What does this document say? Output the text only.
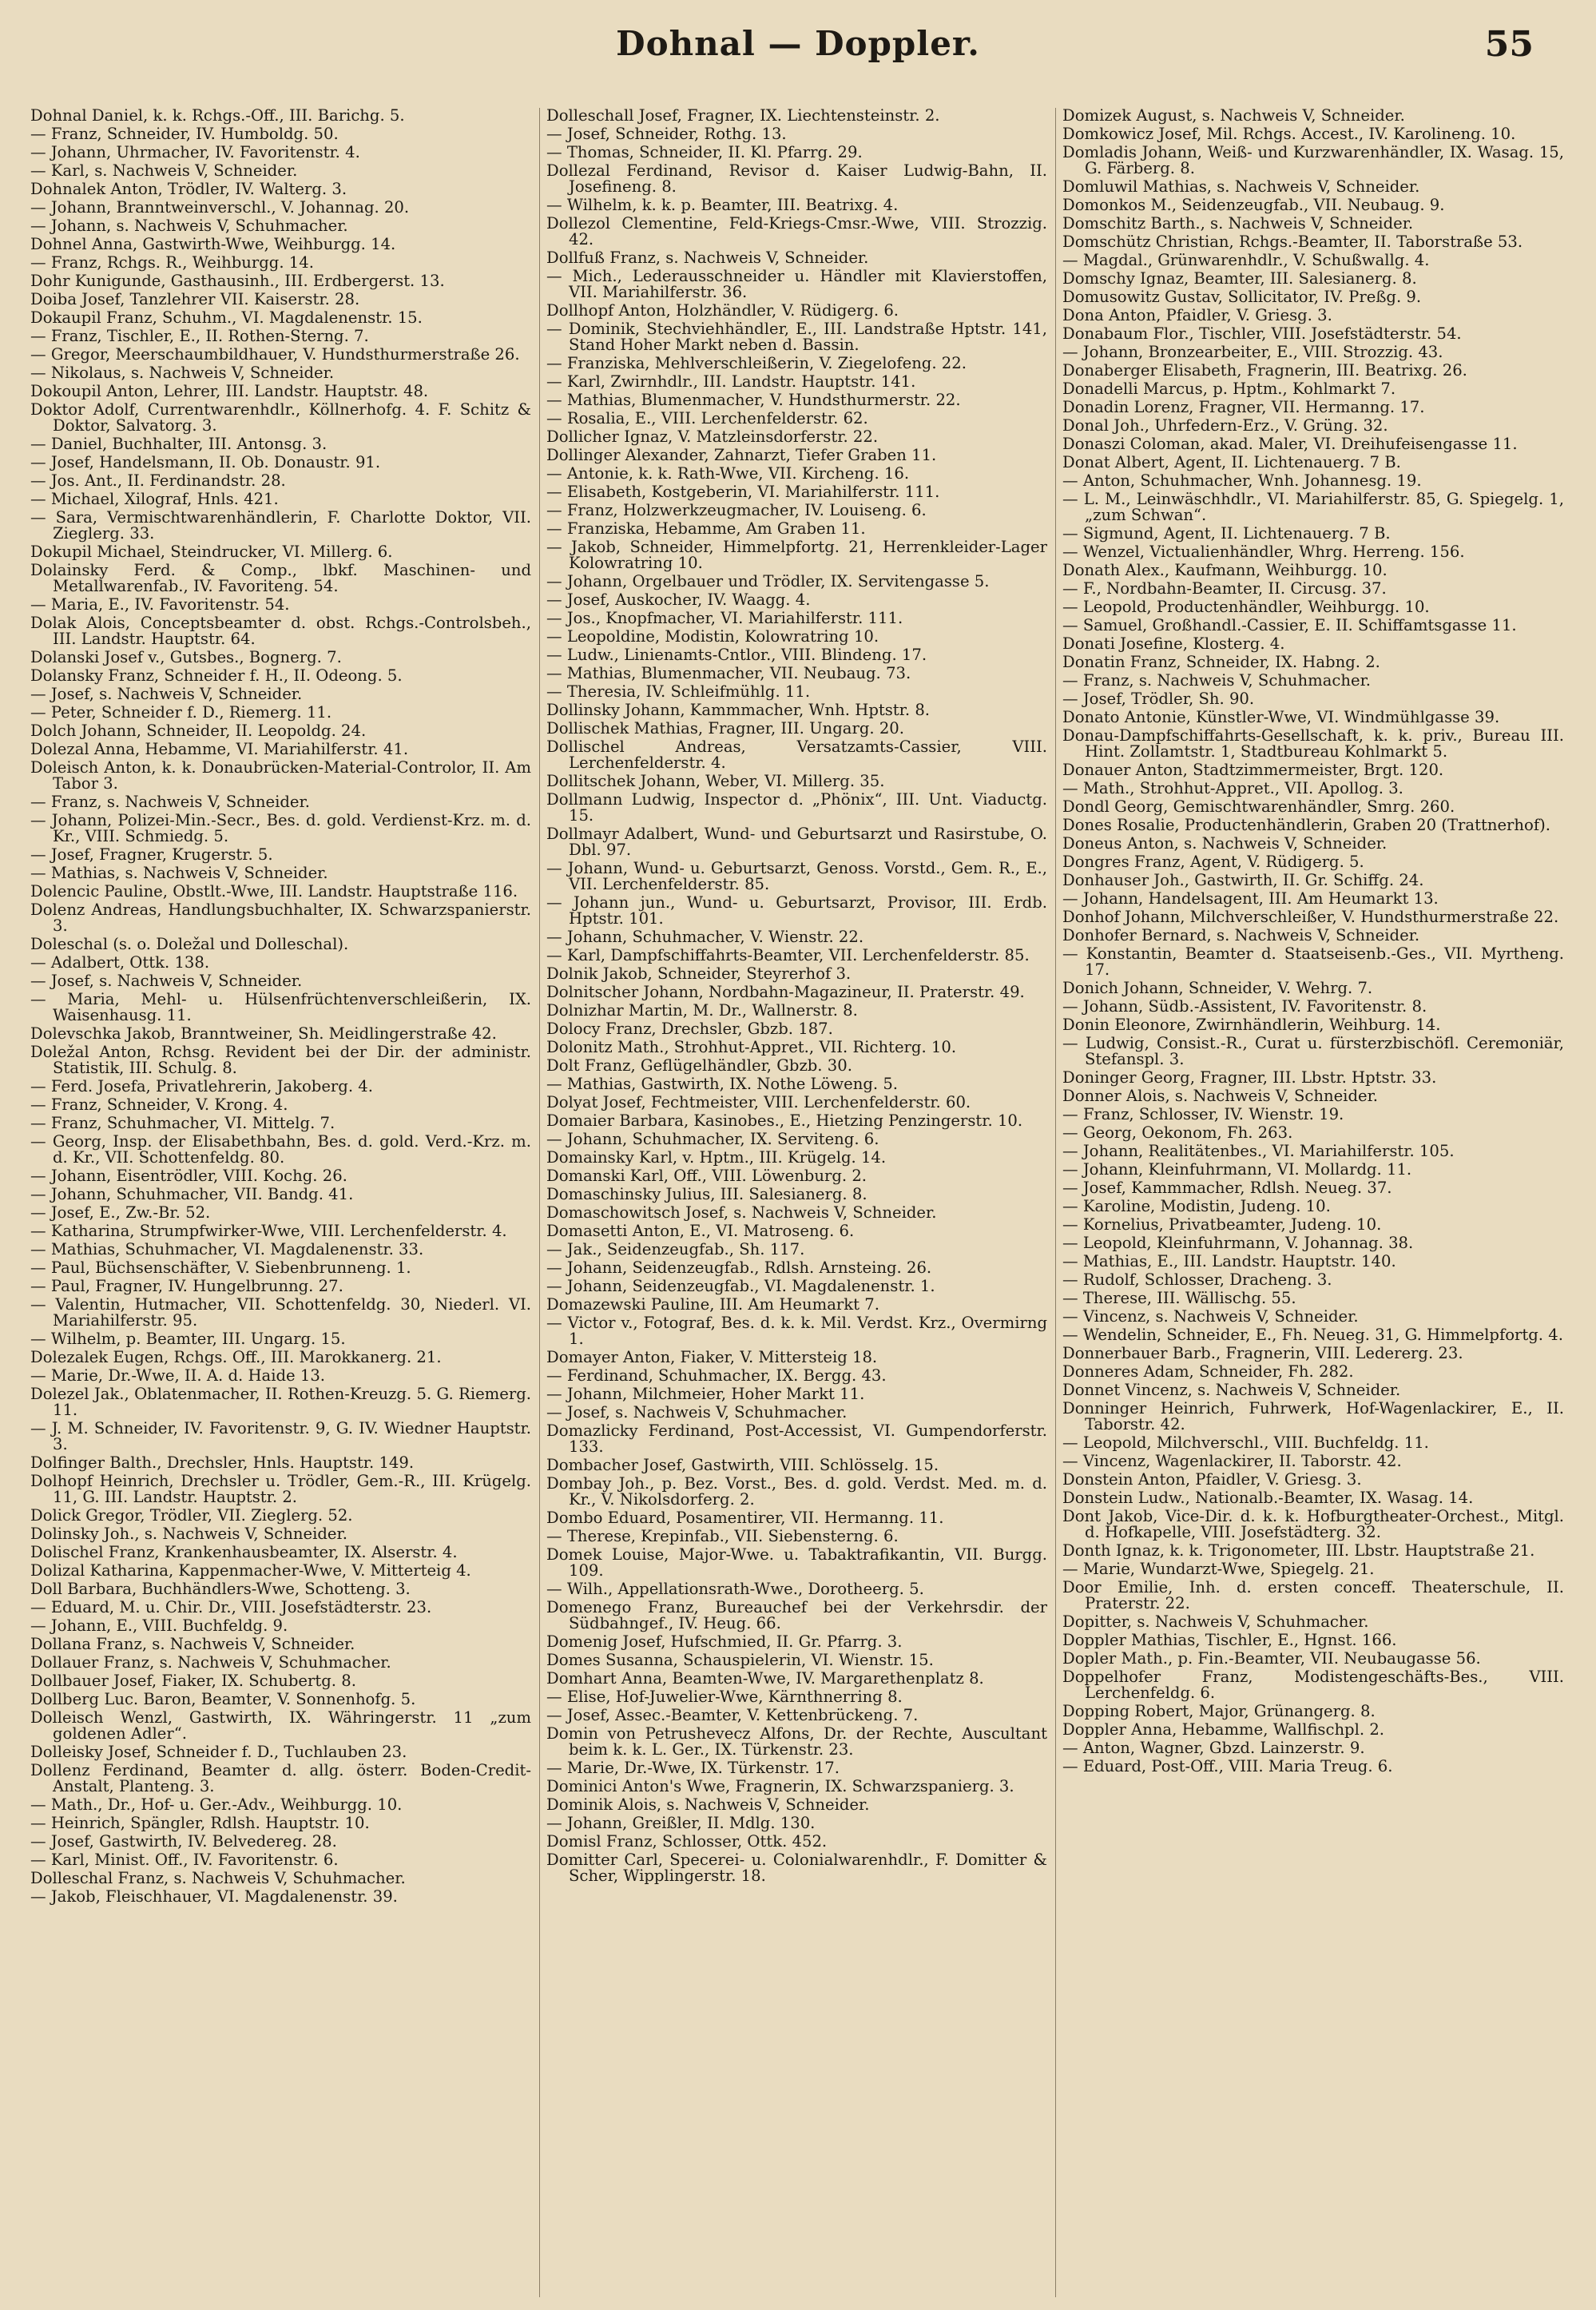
Dohnal — Doppler.	55

Dohnal Daniel, k. k. Rchgs.-Off., III. Barichg. 5.

— Franz, Schneider, IV. Humboldg. 50.

— Johann, Uhrmacher, IV. Favoritenstr. 4.

— Karl, s. Nachweis V, Schneider.

Dohnalek Anton, Trödler, IV. Walterg. 3.

— Johann, Branntweinverschl., V. Johannag. 20.

— Johann, s. Nachweis V, Schuhmacher.

Dohnel Anna, Gastwirth-Wwe, Weihburgg. 14.

— Franz, Rchgs. R., Weihburgg. 14.

Dohr Kunigunde, Gasthausinh., III. Erdbergerst. 13.

Doiba Josef, Tanzlehrer VII. Kaiserstr. 28.

Dokaupil Franz, Schuhm., VI. Magdalenenstr. 15.

— Franz, Tischler, E., II. Rothen-Sterng. 7.

— Gregor, Meerschaumbildhauer, V. Hundsthurmerstraße 26.

— Nikolaus, s. Nachweis V, Schneider.

Dokoupil Anton, Lehrer, III. Landstr. Hauptstr. 48.

Doktor Adolf, Currentwarenhdlr., Köllnerhofg. 4. F. Schitz & Doktor, Salvatorg. 3.

— Daniel, Buchhalter, III. Antonsg. 3.

— Josef, Handelsmann, II. Ob. Donaustr. 91.

— Jos. Ant., II. Ferdinandstr. 28.

— Michael, Xilograf, Hnls. 421.

— Sara, Vermischtwarenhändlerin, F. Charlotte Doktor, VII. Zieglerg. 33.

Dokupil Michael, Steindrucker, VI. Millerg. 6.

Dolainsky Ferd. & Comp., lbkf. Maschinen- und Metallwarenfab., IV. Favoriteng. 54.

— Maria, E., IV. Favoritenstr. 54.

Dolak Alois, Conceptsbeamter d. obst. Rchgs.-Controlsbeh., III. Landstr. Hauptstr. 64.

Dolanski Josef v., Gutsbes., Bognerg. 7.

Dolansky Franz, Schneider f. H., II. Odeong. 5.

— Josef, s. Nachweis V, Schneider.

— Peter, Schneider f. D., Riemerg. 11.

Dolch Johann, Schneider, II. Leopoldg. 24.

Dolezal Anna, Hebamme, VI. Mariahilferstr. 41.

Doleisch Anton, k. k. Donaubrücken-Material-Controlor, II. Am Tabor 3.

— Franz, s. Nachweis V, Schneider.

— Johann, Polizei-Min.-Secr., Bes. d. gold. Verdienst-Krz. m. d. Kr., VIII. Schmiedg. 5.

— Josef, Fragner, Krugerstr. 5.

— Mathias, s. Nachweis V, Schneider.

Dolencic Pauline, Obstlt.-Wwe, III. Landstr. Hauptstraße 116.

Dolenz Andreas, Handlungsbuchhalter, IX. Schwarzspanierstr. 3.

Doleschal (s. o. Doležal und Dolleschal).

— Adalbert, Ottk. 138.

— Josef, s. Nachweis V, Schneider.

— Maria, Mehl- u. Hülsenfrüchtenverschleißerin, IX. Waisenhausg. 11.

Dolevschka Jakob, Branntweiner, Sh. Meidlingerstraße 42.

Doležal Anton, Rchsg. Revident bei der Dir. der administr. Statistik, III. Schulg. 8.

— Ferd. Josefa, Privatlehrerin, Jakoberg. 4.

— Franz, Schneider, V. Krong. 4.

— Franz, Schuhmacher, VI. Mittelg. 7.

— Georg, Insp. der Elisabethbahn, Bes. d. gold. Verd.-Krz. m. d. Kr., VII. Schottenfeldg. 80.

— Johann, Eisentrödler, VIII. Kochg. 26.

— Johann, Schuhmacher, VII. Bandg. 41.

— Josef, E., Zw.-Br. 52.

— Katharina, Strumpfwirker-Wwe, VIII. Lerchenfelderstr. 4.

— Mathias, Schuhmacher, VI. Magdalenenstr. 33.

— Paul, Büchsenschäfter, V. Siebenbrunneng. 1.

— Paul, Fragner, IV. Hungelbrunng. 27.

— Valentin, Hutmacher, VII. Schottenfeldg. 30, Niederl. VI. Mariahilferstr. 95.

— Wilhelm, p. Beamter, III. Ungarg. 15.

Dolezalek Eugen, Rchgs. Off., III. Marokkanerg. 21.

— Marie, Dr.-Wwe, II. A. d. Haide 13.

Dolezel Jak., Oblatenmacher, II. Rothen-Kreuzg. 5. G. Riemerg. 11.

— J. M. Schneider, IV. Favoritenstr. 9, G. IV. Wiedner Hauptstr. 3.

Dolfinger Balth., Drechsler, Hnls. Hauptstr. 149.

Dolhopf Heinrich, Drechsler u. Trödler, Gem.-R., III. Krügelg. 11, G. III. Landstr. Hauptstr. 2.

Dolick Gregor, Trödler, VII. Zieglerg. 52.

Dolinsky Joh., s. Nachweis V, Schneider.

Dolischel Franz, Krankenhausbeamter, IX. Alserstr. 4.

Dolizal Katharina, Kappenmacher-Wwe, V. Mitterteig 4.

Doll Barbara, Buchhändlers-Wwe, Schotteng. 3.

— Eduard, M. u. Chir. Dr., VIII. Josefstädterstr. 23.

— Johann, E., VIII. Buchfeldg. 9.

Dollana Franz, s. Nachweis V, Schneider.

Dollauer Franz, s. Nachweis V, Schuhmacher.

Dollbauer Josef, Fiaker, IX. Schubertg. 8.

Dollberg Luc. Baron, Beamter, V. Sonnenhofg. 5.

Dolleisch Wenzl, Gastwirth, IX. Währingerstr. 11 „zum goldenen Adler“.

Dolleisky Josef, Schneider f. D., Tuchlauben 23.

Dollenz Ferdinand, Beamter d. allg. österr. Boden-Credit-Anstalt, Planteng. 3.

— Math., Dr., Hof- u. Ger.-Adv., Weihburgg. 10.

— Heinrich, Spängler, Rdlsh. Hauptstr. 10.

— Josef, Gastwirth, IV. Belvedereg. 28.

— Karl, Minist. Off., IV. Favoritenstr. 6.

Dolleschal Franz, s. Nachweis V, Schuhmacher.

— Jakob, Fleischhauer, VI. Magdalenenstr. 39.

Dolleschall Josef, Fragner, IX. Liechtensteinstr. 2.

— Josef, Schneider, Rothg. 13.

— Thomas, Schneider, II. Kl. Pfarrg. 29.

Dollezal Ferdinand, Revisor d. Kaiser Ludwig-Bahn, II. Josefineng. 8.

— Wilhelm, k. k. p. Beamter, III. Beatrixg. 4.

Dollezol Clementine, Feld-Kriegs-Cmsr.-Wwe, VIII. Strozzig. 42.

Dollfuß Franz, s. Nachweis V, Schneider.

— Mich., Lederausschneider u. Händler mit Klavierstoffen, VII. Mariahilferstr. 36.

Dollhopf Anton, Holzhändler, V. Rüdigerg. 6.

— Dominik, Stechviehhändler, E., III. Landstraße Hptstr. 141, Stand Hoher Markt neben d. Bassin.

— Franziska, Mehlverschleißerin, V. Ziegelofeng. 22.

— Karl, Zwirnhdlr., III. Landstr. Hauptstr. 141.

— Mathias, Blumenmacher, V. Hundsthurmerstr. 22.

— Rosalia, E., VIII. Lerchenfelderstr. 62.

Dollicher Ignaz, V. Matzleinsdorferstr. 22.

Dollinger Alexander, Zahnarzt, Tiefer Graben 11.

— Antonie, k. k. Rath-Wwe, VII. Kircheng. 16.

— Elisabeth, Kostgeberin, VI. Mariahilferstr. 111.

— Franz, Holzwerkzeugmacher, IV. Louiseng. 6.

— Franziska, Hebamme, Am Graben 11.

— Jakob, Schneider, Himmelpfortg. 21, Herrenkleider-Lager Kolowratring 10.

— Johann, Orgelbauer und Trödler, IX. Servitengasse 5.

— Josef, Auskocher, IV. Waagg. 4.

— Jos., Knopfmacher, VI. Mariahilferstr. 111.

— Leopoldine, Modistin, Kolowratring 10.

— Ludw., Linienamts-Cntlor., VIII. Blindeng. 17.

— Mathias, Blumenmacher, VII. Neubaug. 73.

— Theresia, IV. Schleifmühlg. 11.

Dollinsky Johann, Kammmacher, Wnh. Hptstr. 8.

Dollischek Mathias, Fragner, III. Ungarg. 20.

Dollischel Andreas, Versatzamts-Cassier, VIII. Lerchenfelderstr. 4.

Dollitschek Johann, Weber, VI. Millerg. 35.

Dollmann Ludwig, Inspector d. „Phönix“, III. Unt. Viaductg. 15.

Dollmayr Adalbert, Wund- und Geburtsarzt und Rasirstube, O. Dbl. 97.

— Johann, Wund- u. Geburtsarzt, Genoss. Vorstd., Gem. R., E., VII. Lerchenfelderstr. 85.

— Johann jun., Wund- u. Geburtsarzt, Provisor, III. Erdb. Hptstr. 101.

— Johann, Schuhmacher, V. Wienstr. 22.

— Karl, Dampfschiffahrts-Beamter, VII. Lerchenfelderstr. 85.

Dolnik Jakob, Schneider, Steyrerhof 3.

Dolnitscher Johann, Nordbahn-Magazineur, II. Praterstr. 49.

Dolnizhar Martin, M. Dr., Wallnerstr. 8.

Dolocy Franz, Drechsler, Gbzb. 187.

Dolonitz Math., Strohhut-Appret., VII. Richterg. 10.

Dolt Franz, Geflügelhändler, Gbzb. 30.

— Mathias, Gastwirth, IX. Nothe Löweng. 5.

Dolyat Josef, Fechtmeister, VIII. Lerchenfelderstr. 60.

Domaier Barbara, Kasinobes., E., Hietzing Penzingerstr. 10.

— Johann, Schuhmacher, IX. Serviteng. 6.

Domainsky Karl, v. Hptm., III. Krügelg. 14.

Domanski Karl, Off., VIII. Löwenburg. 2.

Domaschinsky Julius, III. Salesianerg. 8.

Domaschowitsch Josef, s. Nachweis V, Schneider.

Domasetti Anton, E., VI. Matroseng. 6.

— Jak., Seidenzeugfab., Sh. 117.

— Johann, Seidenzeugfab., Rdlsh. Arnsteing. 26.

— Johann, Seidenzeugfab., VI. Magdalenenstr. 1.

Domazewski Pauline, III. Am Heumarkt 7.

— Victor v., Fotograf, Bes. d. k. k. Mil. Verdst. Krz., Overmirng 1.

Domayer Anton, Fiaker, V. Mittersteig 18.

— Ferdinand, Schuhmacher, IX. Bergg. 43.

— Johann, Milchmeier, Hoher Markt 11.

— Josef, s. Nachweis V, Schuhmacher.

Domazlicky Ferdinand, Post-Accessist, VI. Gumpendorferstr. 133.

Dombacher Josef, Gastwirth, VIII. Schlösselg. 15.

Dombay Joh., p. Bez. Vorst., Bes. d. gold. Verdst. Med. m. d. Kr., V. Nikolsdorferg. 2.

Dombo Eduard, Posamentirer, VII. Hermanng. 11.

— Therese, Krepinfab., VII. Siebensterng. 6.

Domek Louise, Major-Wwe. u. Tabaktrafikantin, VII. Burgg. 109.

— Wilh., Appellationsrath-Wwe., Dorotheerg. 5.

Domenego Franz, Bureauchef bei der Verkehrsdir. der Südbahngef., IV. Heug. 66.

Domenig Josef, Hufschmied, II. Gr. Pfarrg. 3.

Domes Susanna, Schauspielerin, VI. Wienstr. 15.

Domhart Anna, Beamten-Wwe, IV. Margarethenplatz 8.

— Elise, Hof-Juwelier-Wwe, Kärnthnerring 8.

— Josef, Assec.-Beamter, V. Kettenbrückeng. 7.

Domin von Petrushevecz Alfons, Dr. der Rechte, Auscultant beim k. k. L. Ger., IX. Türkenstr. 23.

— Marie, Dr.-Wwe, IX. Türkenstr. 17.

Dominici Anton's Wwe, Fragnerin, IX. Schwarzspanierg. 3.

Dominik Alois, s. Nachweis V, Schneider.

— Johann, Greißler, II. Mdlg. 130.

Domisl Franz, Schlosser, Ottk. 452.

Domitter Carl, Specerei- u. Colonialwarenhdlr., F. Domitter & Scher, Wipplingerstr. 18.

Domizek August, s. Nachweis V, Schneider.

Domkowicz Josef, Mil. Rchgs. Accest., IV. Karolineng. 10.

Domladis Johann, Weiß- und Kurzwarenhändler, IX. Wasag. 15, G. Färberg. 8.

Domluwil Mathias, s. Nachweis V, Schneider.

Domonkos M., Seidenzeugfab., VII. Neubaug. 9.

Domschitz Barth., s. Nachweis V, Schneider.

Domschütz Christian, Rchgs.-Beamter, II. Taborstraße 53.

— Magdal., Grünwarenhdlr., V. Schußwallg. 4.

Domschy Ignaz, Beamter, III. Salesianerg. 8.

Domusowitz Gustav, Sollicitator, IV. Preßg. 9.

Dona Anton, Pfaidler, V. Griesg. 3.

Donabaum Flor., Tischler, VIII. Josefstädterstr. 54.

— Johann, Bronzearbeiter, E., VIII. Strozzig. 43.

Donaberger Elisabeth, Fragnerin, III. Beatrixg. 26.

Donadelli Marcus, p. Hptm., Kohlmarkt 7.

Donadin Lorenz, Fragner, VII. Hermanng. 17.

Donal Joh., Uhrfedern-Erz., V. Grüng. 32.

Donaszi Coloman, akad. Maler, VI. Dreihufeisengasse 11.

Donat Albert, Agent, II. Lichtenauerg. 7 B.

— Anton, Schuhmacher, Wnh. Johannesg. 19.

— L. M., Leinwäschhdlr., VI. Mariahilferstr. 85, G. Spiegelg. 1, „zum Schwan“.

— Sigmund, Agent, II. Lichtenauerg. 7 B.

— Wenzel, Victualienhändler, Whrg. Herreng. 156.

Donath Alex., Kaufmann, Weihburgg. 10.

— F., Nordbahn-Beamter, II. Circusg. 37.

— Leopold, Productenhändler, Weihburgg. 10.

— Samuel, Großhandl.-Cassier, E. II. Schiffamtsgasse 11.

Donati Josefine, Klosterg. 4.

Donatin Franz, Schneider, IX. Habng. 2.

— Franz, s. Nachweis V, Schuhmacher.

— Josef, Trödler, Sh. 90.

Donato Antonie, Künstler-Wwe, VI. Windmühlgasse 39.

Donau-Dampfschiffahrts-Gesellschaft, k. k. priv., Bureau III. Hint. Zollamtstr. 1, Stadtbureau Kohlmarkt 5.

Donauer Anton, Stadtzimmermeister, Brgt. 120.

— Math., Strohhut-Appret., VII. Apollog. 3.

Dondl Georg, Gemischtwarenhändler, Smrg. 260.

Dones Rosalie, Productenhändlerin, Graben 20 (Trattnerhof).

Doneus Anton, s. Nachweis V, Schneider.

Dongres Franz, Agent, V. Rüdigerg. 5.

Donhauser Joh., Gastwirth, II. Gr. Schiffg. 24.

— Johann, Handelsagent, III. Am Heumarkt 13.

Donhof Johann, Milchverschleißer, V. Hundsthurmerstraße 22.

Donhofer Bernard, s. Nachweis V, Schneider.

— Konstantin, Beamter d. Staatseisenb.-Ges., VII. Myrtheng. 17.

Donich Johann, Schneider, V. Wehrg. 7.

— Johann, Südb.-Assistent, IV. Favoritenstr. 8.

Donin Eleonore, Zwirnhändlerin, Weihburg. 14.

— Ludwig, Consist.-R., Curat u. fürsterzbischöfl. Ceremoniär, Stefanspl. 3.

Doninger Georg, Fragner, III. Lbstr. Hptstr. 33.

Donner Alois, s. Nachweis V, Schneider.

— Franz, Schlosser, IV. Wienstr. 19.

— Georg, Oekonom, Fh. 263.

— Johann, Realitätenbes., VI. Mariahilferstr. 105.

— Johann, Kleinfuhrmann, VI. Mollardg. 11.

— Josef, Kammmacher, Rdlsh. Neueg. 37.

— Karoline, Modistin, Judeng. 10.

— Kornelius, Privatbeamter, Judeng. 10.

— Leopold, Kleinfuhrmann, V. Johannag. 38.

— Mathias, E., III. Landstr. Hauptstr. 140.

— Rudolf, Schlosser, Dracheng. 3.

— Therese, III. Wällischg. 55.

— Vincenz, s. Nachweis V, Schneider.

— Wendelin, Schneider, E., Fh. Neueg. 31, G. Himmelpfortg. 4.

Donnerbauer Barb., Fragnerin, VIII. Ledererg. 23.

Donneres Adam, Schneider, Fh. 282.

Donnet Vincenz, s. Nachweis V, Schneider.

Donninger Heinrich, Fuhrwerk, Hof-Wagenlackirer, E., II. Taborstr. 42.

— Leopold, Milchverschl., VIII. Buchfeldg. 11.

— Vincenz, Wagenlackirer, II. Taborstr. 42.

Donstein Anton, Pfaidler, V. Griesg. 3.

Donstein Ludw., Nationalb.-Beamter, IX. Wasag. 14.

Dont Jakob, Vice-Dir. d. k. k. Hofburgtheater-Orchest., Mitgl. d. Hofkapelle, VIII. Josefstädterg. 32.

Donth Ignaz, k. k. Trigonometer, III. Lbstr. Hauptstraße 21.

— Marie, Wundarzt-Wwe, Spiegelg. 21.

Door Emilie, Inh. d. ersten conceff. Theaterschule, II. Praterstr. 22.

Dopitter, s. Nachweis V, Schuhmacher.

Doppler Mathias, Tischler, E., Hgnst. 166.

Dopler Math., p. Fin.-Beamter, VII. Neubaugasse 56.

Doppelhofer Franz, Modistengeschäfts-Bes., VIII. Lerchenfeldg. 6.

Dopping Robert, Major, Grünangerg. 8.

Doppler Anna, Hebamme, Wallfischpl. 2.

— Anton, Wagner, Gbzd. Lainzerstr. 9.

— Eduard, Post-Off., VIII. Maria Treug. 6.
